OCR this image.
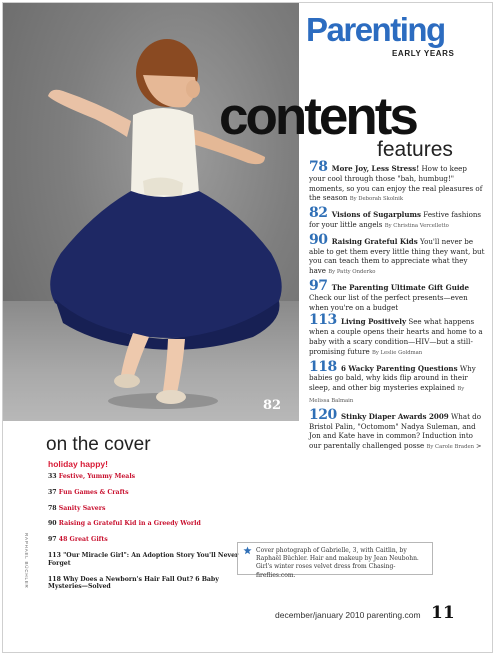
82
Parenting
EARLY YEARS
contents
features
78 More Joy, Less Stress! How to keep your cool through those "bah, humbug!" moments, so you can enjoy the real pleasures of the season By Deborah Skolnik
82 Visions of Sugarplums Festive fashions for your little angels By Christina Vercelletto
90 Raising Grateful Kids You'll never be able to get them every little thing they want, but you can teach them to appreciate what they have By Patty Onderko
97 The Parenting Ultimate Gift Guide Check our list of the perfect presents—even when you're on a budget
113 Living Positively See what happens when a couple opens their hearts and home to a baby with a scary condition—HIV—but a still-promising future By Leslie Goldman
118 6 Wacky Parenting Questions Why babies go bald, why kids flip around in their sleep, and other big mysteries explained By Melissa Balmain
120 Stinky Diaper Awards 2009 What do Bristol Palin, "Octomom" Nadya Suleman, and Jon and Kate have in common? Induction into our parentally challenged posse By Carole Braden >
on the cover
holiday happy!
33 Festive, Yummy Meals
37 Fun Games & Crafts
78 Sanity Savers
90 Raising a Grateful Kid in a Greedy World
97 48 Great Gifts
113 "Our Miracle Girl": An Adoption Story You'll Never Forget
118 Why Does a Newborn's Hair Fall Out? 6 Baby Mysteries—Solved
RAPHAEL BÜCHLER	Cover photograph of Gabrielle, 3, with Caitlin, by Raphaël Büchler. Hair and makeup by Jean Neubohn. Girl's winter roses velvet dress from Chasing-fireflies.com.
december/january 2010 parenting.com 11
